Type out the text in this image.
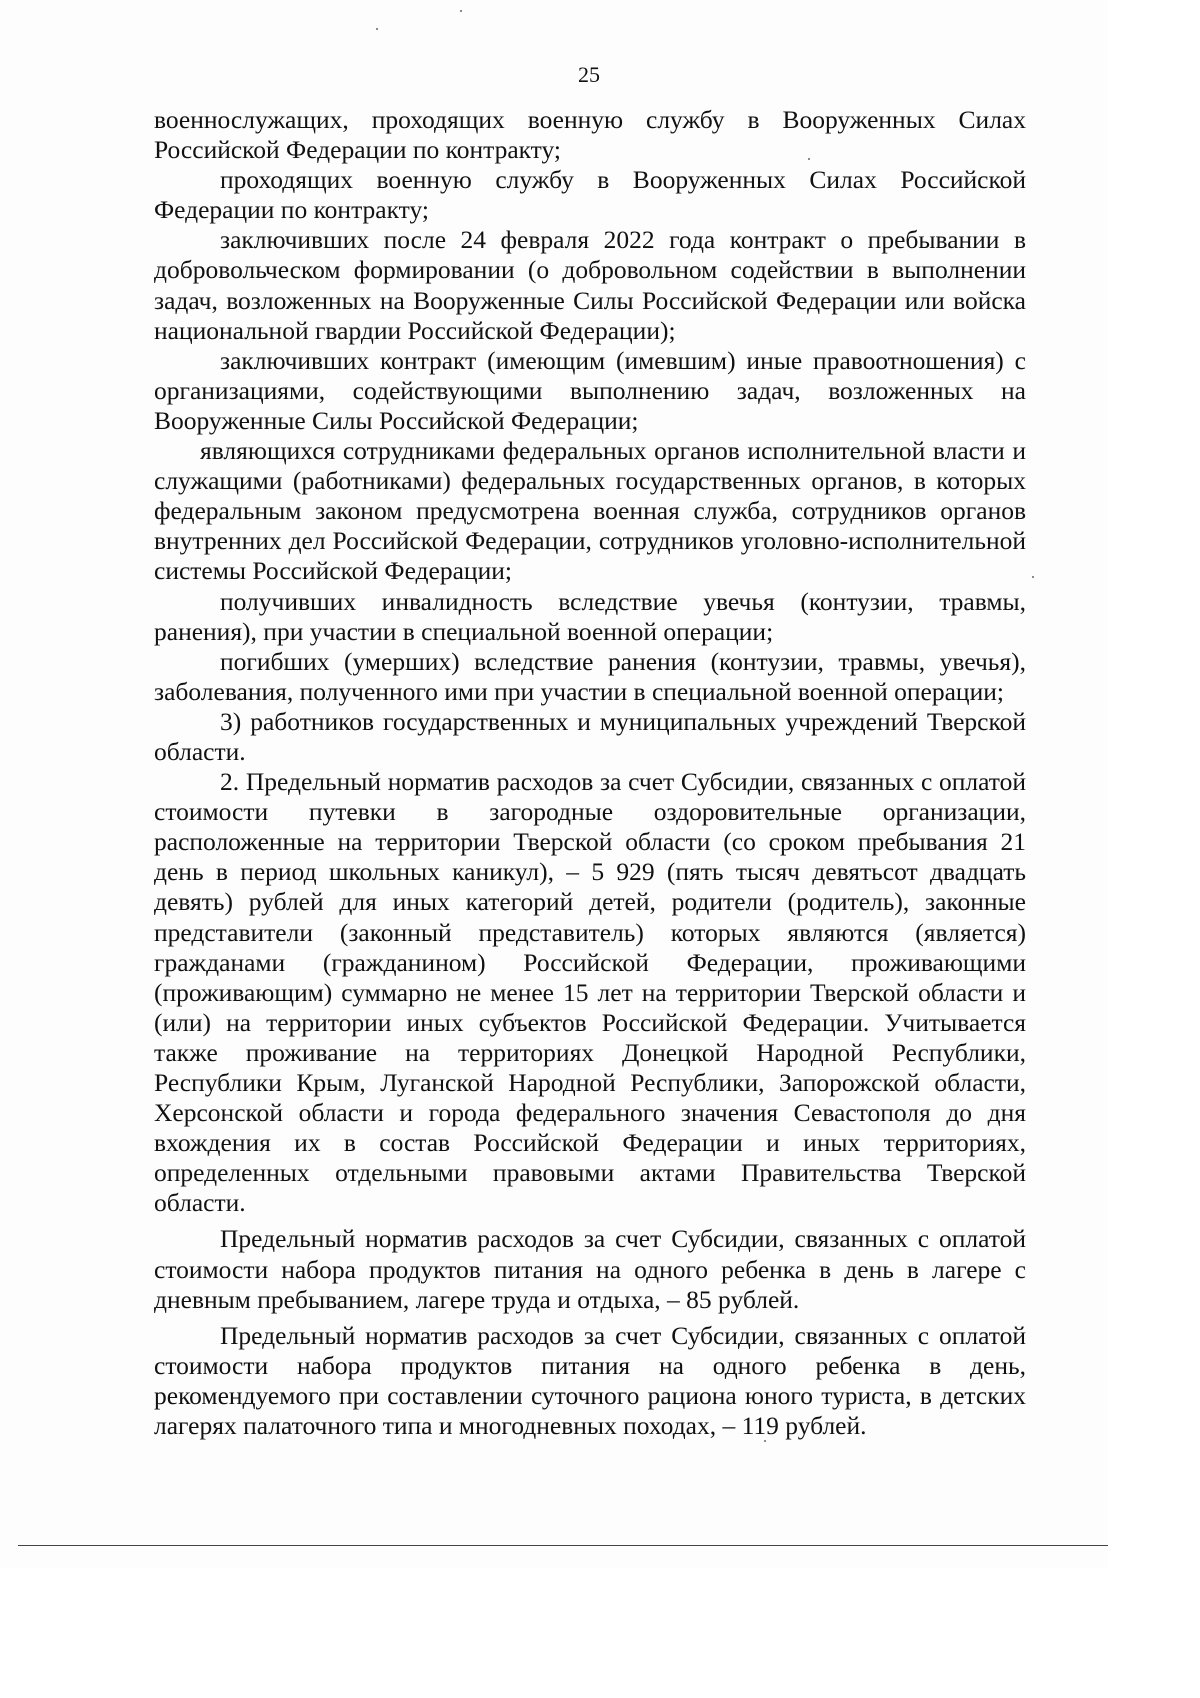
25

военнослужащих, проходящих военную службу в Вооруженных Силах Российской Федерации по контракту;

проходящих военную службу в Вооруженных Силах Российской Федерации по контракту;

заключивших после 24 февраля 2022 года контракт о пребывании в добровольческом формировании (о добровольном содействии в выполнении задач, возложенных на Вооруженные Силы Российской Федерации или войска национальной гвардии Российской Федерации);

заключивших контракт (имеющим (имевшим) иные правоотношения) с организациями, содействующими выполнению задач, возложенных на Вооруженные Силы Российской Федерации;

являющихся сотрудниками федеральных органов исполнительной власти и служащими (работниками) федеральных государственных органов, в которых федеральным законом предусмотрена военная служба, сотрудников органов внутренних дел Российской Федерации, сотрудников уголовно-исполнительной системы Российской Федерации;

получивших инвалидность вследствие увечья (контузии, травмы, ранения), при участии в специальной военной операции;

погибших (умерших) вследствие ранения (контузии, травмы, увечья), заболевания, полученного ими при участии в специальной военной операции;

3) работников государственных и муниципальных учреждений Тверской области.

2. Предельный норматив расходов за счет Субсидии, связанных с оплатой стоимости путевки в загородные оздоровительные организации, расположенные на территории Тверской области (со сроком пребывания 21 день в период школьных каникул), – 5 929 (пять тысяч девятьсот двадцать девять) рублей для иных категорий детей, родители (родитель), законные представители (законный представитель) которых являются (является) гражданами (гражданином) Российской Федерации, проживающими (проживающим) суммарно не менее 15 лет на территории Тверской области и (или) на территории иных субъектов Российской Федерации. Учитывается также проживание на территориях Донецкой Народной Республики, Республики Крым, Луганской Народной Республики, Запорожской области, Херсонской области и города федерального значения Севастополя до дня вхождения их в состав Российской Федерации и иных территориях, определенных отдельными правовыми актами Правительства Тверской области.

Предельный норматив расходов за счет Субсидии, связанных с оплатой стоимости набора продуктов питания на одного ребенка в день в лагере с дневным пребыванием, лагере труда и отдыха, – 85 рублей.

Предельный норматив расходов за счет Субсидии, связанных с оплатой стоимости набора продуктов питания на одного ребенка в день, рекомендуемого при составлении суточного рациона юного туриста, в детских лагерях палаточного типа и многодневных походах, – 119 рублей.
